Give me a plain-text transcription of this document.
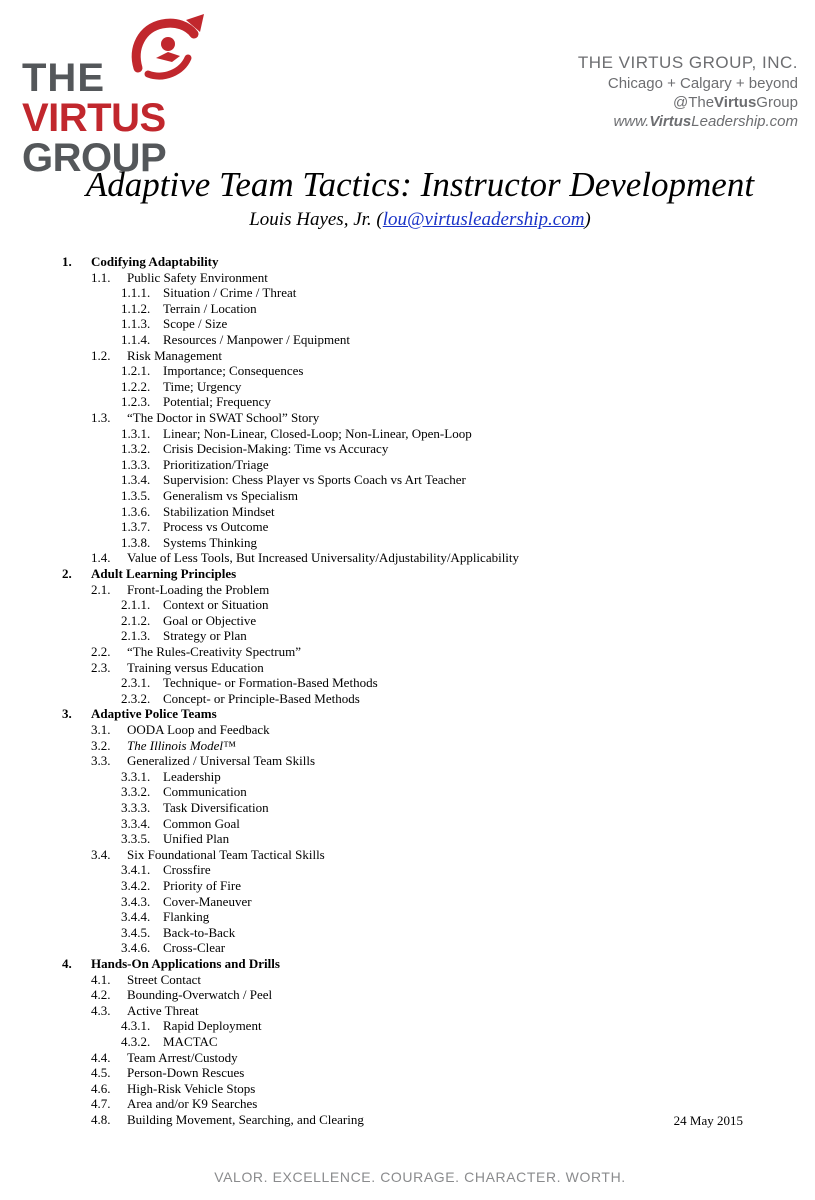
THE
VIRTUS GROUP
THE VIRTUS GROUP, INC.
Chicago + Calgary + beyond
@TheVirtusGroup
www.VirtusLeadership.com
Adaptive Team Tactics: Instructor Development
Louis Hayes, Jr. (lou@virtusleadership.com)
1. Codifying Adaptability
1.1. Public Safety Environment
1.1.1. Situation / Crime / Threat
1.1.2. Terrain / Location
1.1.3. Scope / Size
1.1.4. Resources / Manpower / Equipment
1.2. Risk Management
1.2.1. Importance; Consequences
1.2.2. Time; Urgency
1.2.3. Potential; Frequency
1.3. “The Doctor in SWAT School” Story
1.3.1. Linear; Non-Linear, Closed-Loop; Non-Linear, Open-Loop
1.3.2. Crisis Decision-Making: Time vs Accuracy
1.3.3. Prioritization/Triage
1.3.4. Supervision: Chess Player vs Sports Coach vs Art Teacher
1.3.5. Generalism vs Specialism
1.3.6. Stabilization Mindset
1.3.7. Process vs Outcome
1.3.8. Systems Thinking
1.4. Value of Less Tools, But Increased Universality/Adjustability/Applicability
2. Adult Learning Principles
2.1. Front-Loading the Problem
2.1.1. Context or Situation
2.1.2. Goal or Objective
2.1.3. Strategy or Plan
2.2. “The Rules-Creativity Spectrum”
2.3. Training versus Education
2.3.1. Technique- or Formation-Based Methods
2.3.2. Concept- or Principle-Based Methods
3. Adaptive Police Teams
3.1. OODA Loop and Feedback
3.2. The Illinois Model™
3.3. Generalized / Universal Team Skills
3.3.1. Leadership
3.3.2. Communication
3.3.3. Task Diversification
3.3.4. Common Goal
3.3.5. Unified Plan
3.4. Six Foundational Team Tactical Skills
3.4.1. Crossfire
3.4.2. Priority of Fire
3.4.3. Cover-Maneuver
3.4.4. Flanking
3.4.5. Back-to-Back
3.4.6. Cross-Clear
4. Hands-On Applications and Drills
4.1. Street Contact
4.2. Bounding-Overwatch / Peel
4.3. Active Threat
4.3.1. Rapid Deployment
4.3.2. MACTAC
4.4. Team Arrest/Custody
4.5. Person-Down Rescues
4.6. High-Risk Vehicle Stops
4.7. Area and/or K9 Searches
4.8. Building Movement, Searching, and Clearing	24 May 2015
VALOR. EXCELLENCE. COURAGE. CHARACTER. WORTH.
